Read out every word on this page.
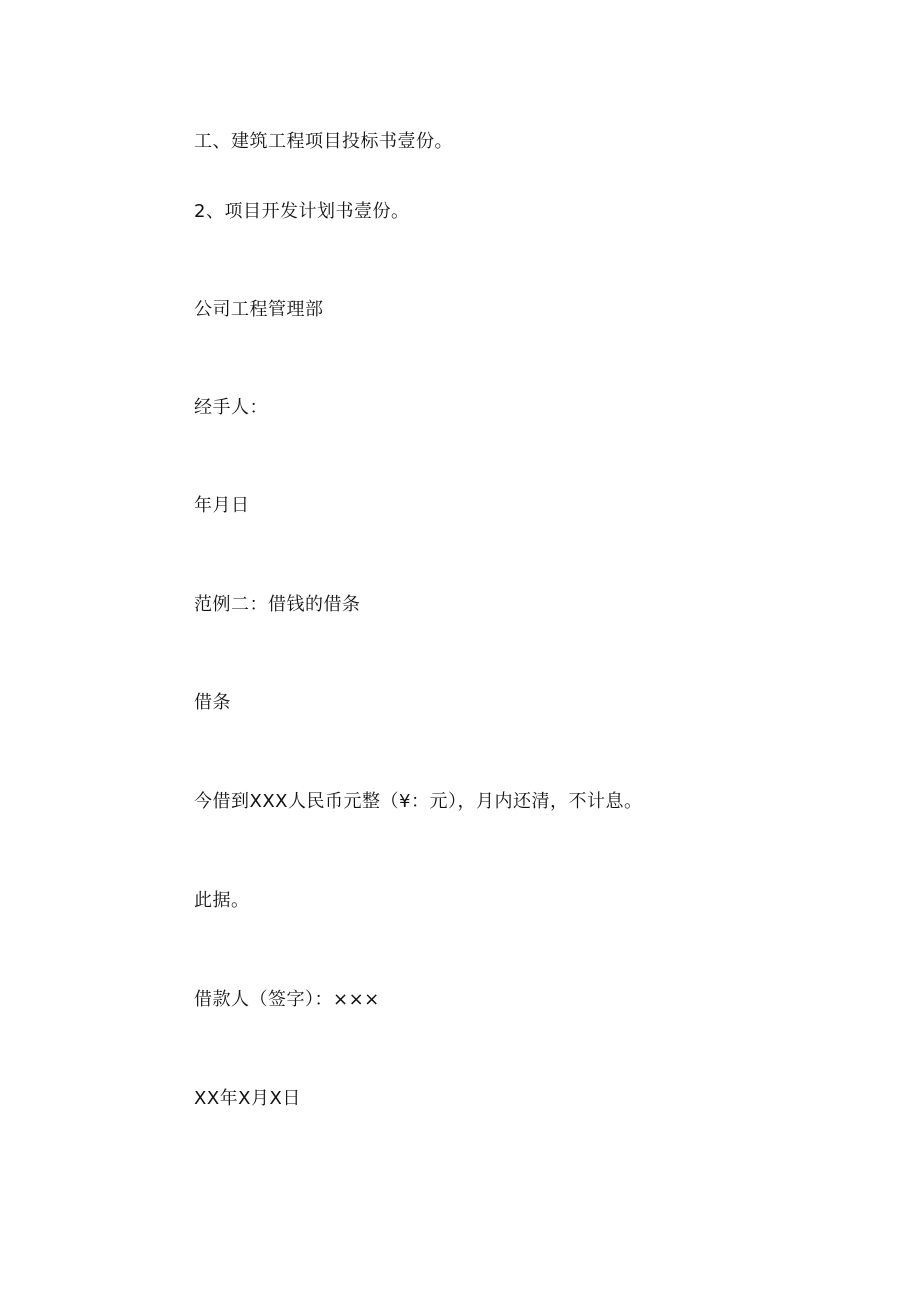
工、建筑工程项目投标书壹份。
2、项目开发计划书壹份。
公司工程管理部
经手人：
年月日
范例二：借钱的借条
借条
今借到XXX人民币元整（¥：元），月内还清，不计息。
此据。
借款人（签字）：×××
XX年X月X日
